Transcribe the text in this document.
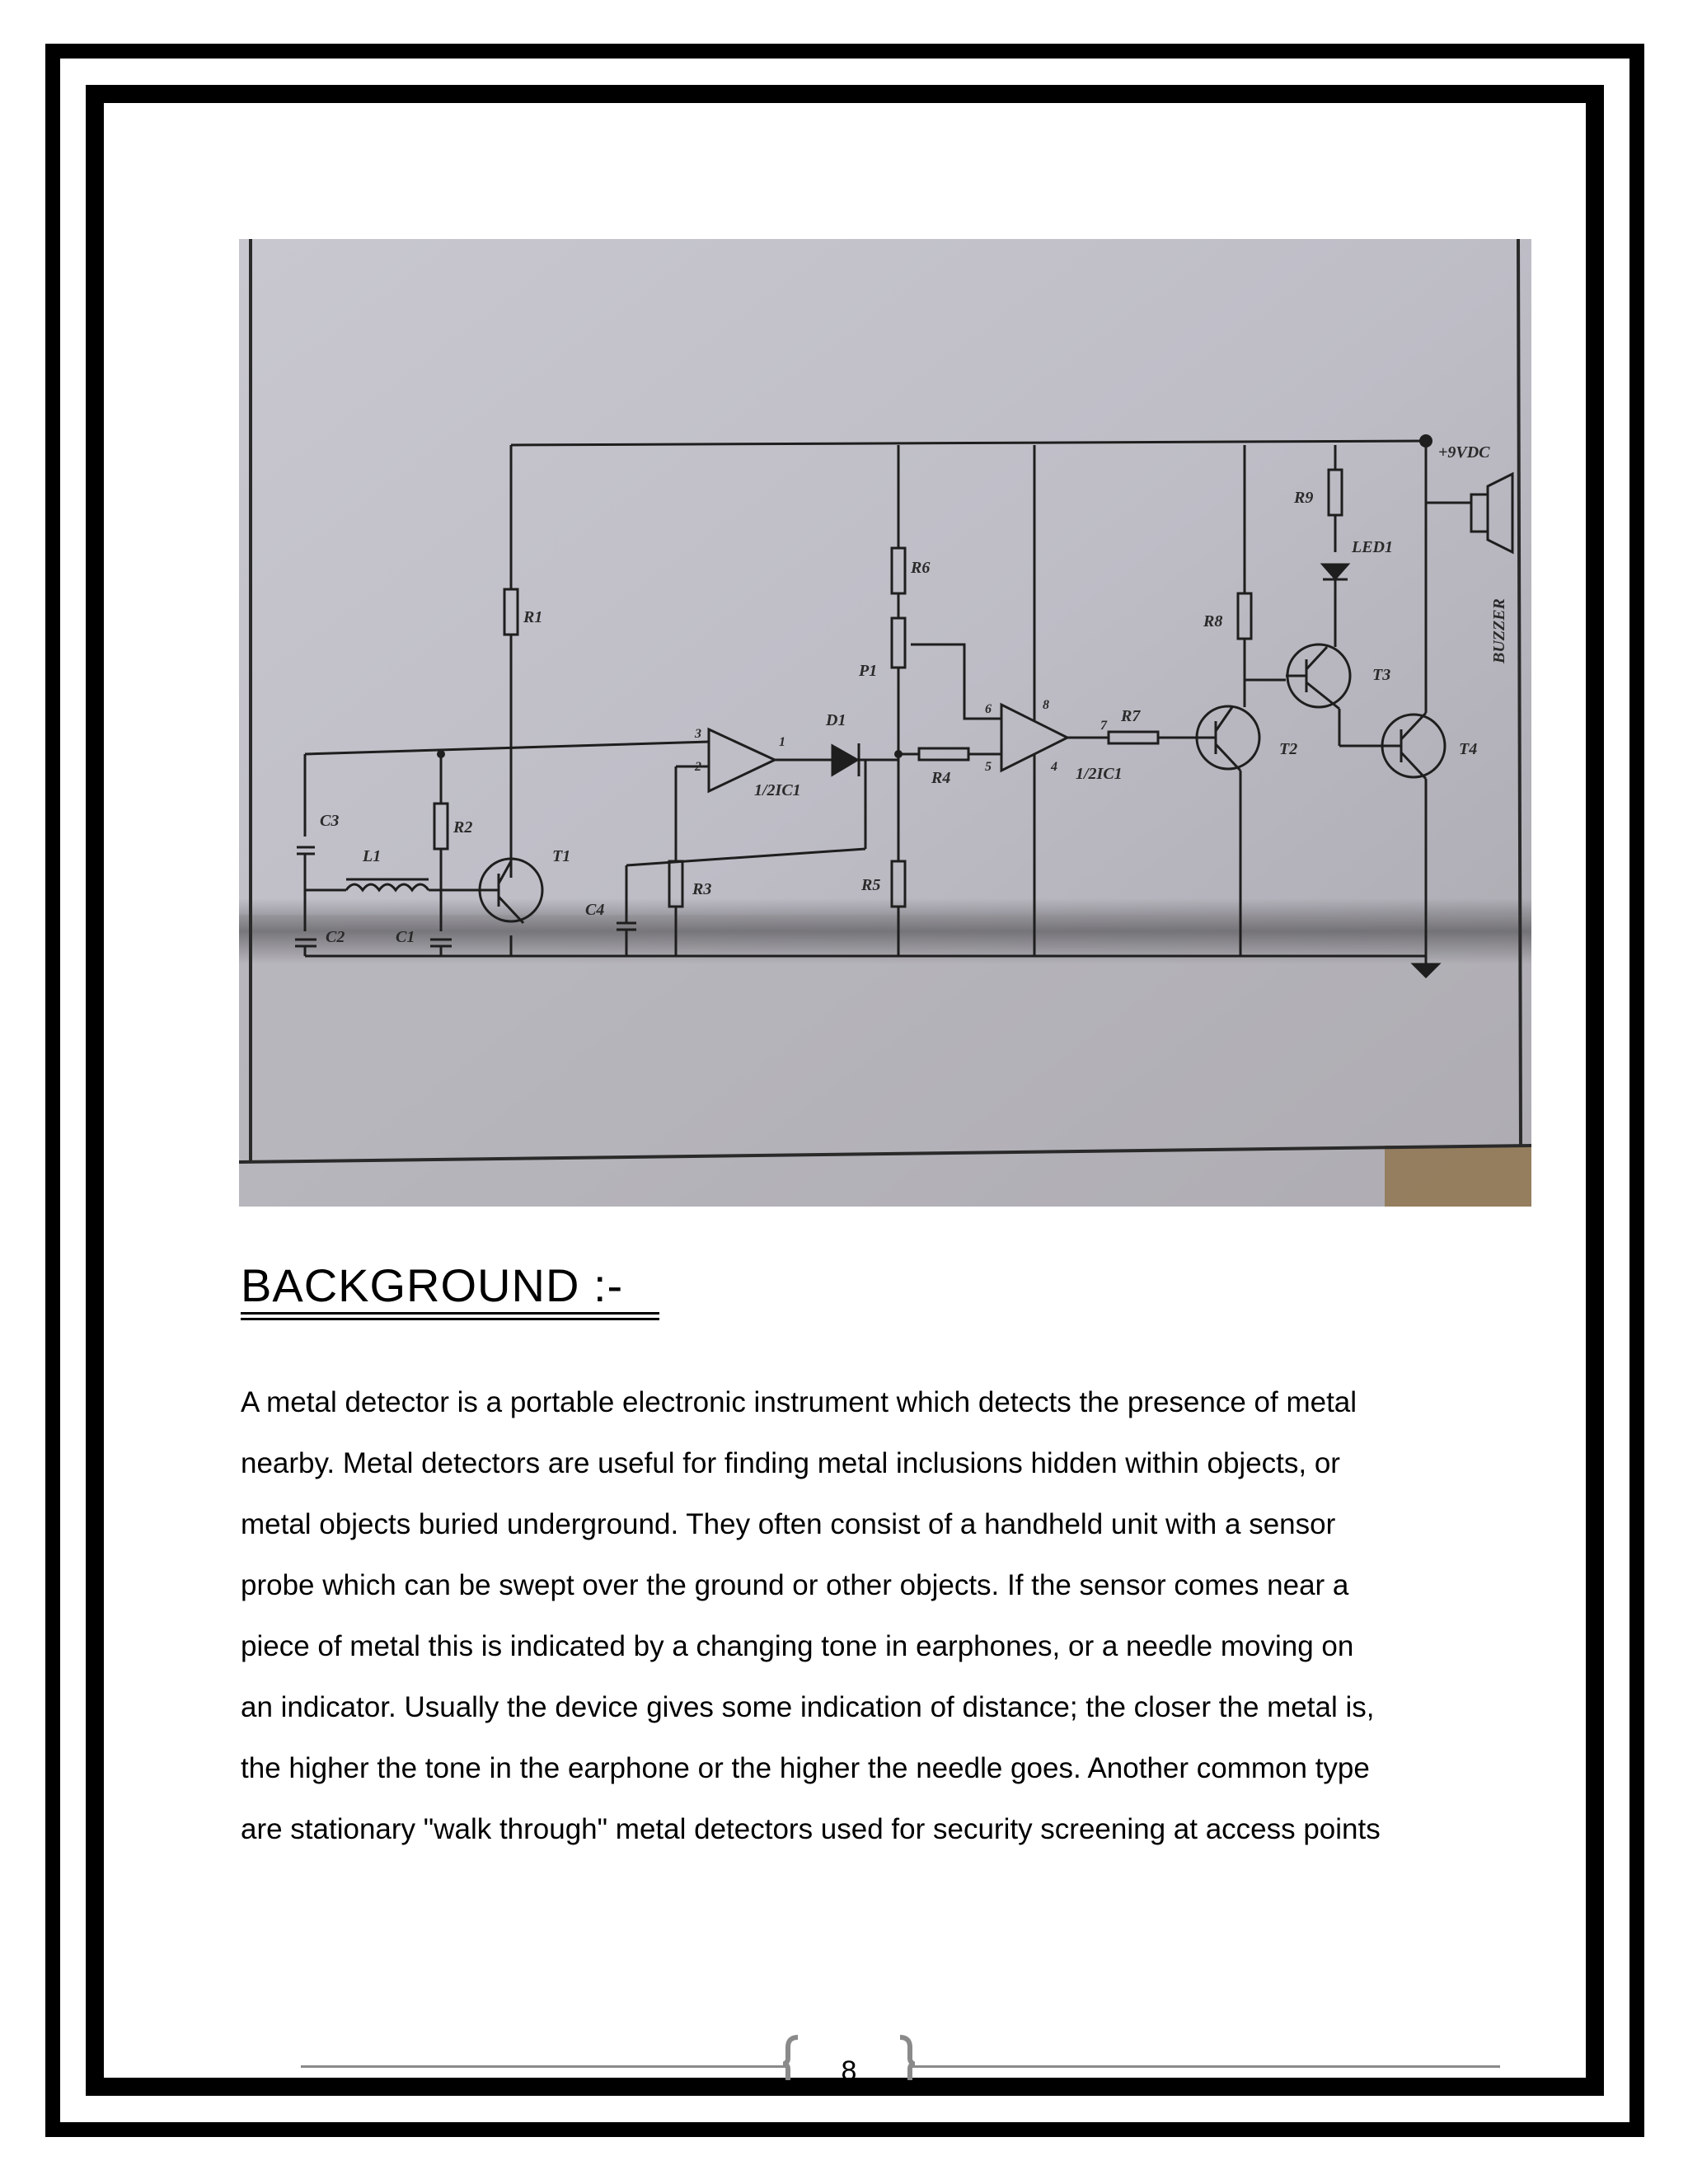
R1
R2
R3
R4
R5
R6
R7
R8
R9
C1
C2
C3
C4
L1
D1
P1
T1
T2
T3
T4
LED1
1/2IC1
1/2IC1
+9VDC
1
2
3
4
5
6
7
8
BUZZER
BACKGROUND :-

A metal detector is a portable electronic instrument which detects the presence of metal
nearby. Metal detectors are useful for finding metal inclusions hidden within objects, or
metal objects buried underground. They often consist of a handheld unit with a sensor
probe which can be swept over the ground or other objects. If the sensor comes near a
piece of metal this is indicated by a changing tone in earphones, or a needle moving on
an indicator. Usually the device gives some indication of distance; the closer the metal is,
the higher the tone in the earphone or the higher the needle goes. Another common type
are stationary "walk through" metal detectors used for security screening at access points

8
